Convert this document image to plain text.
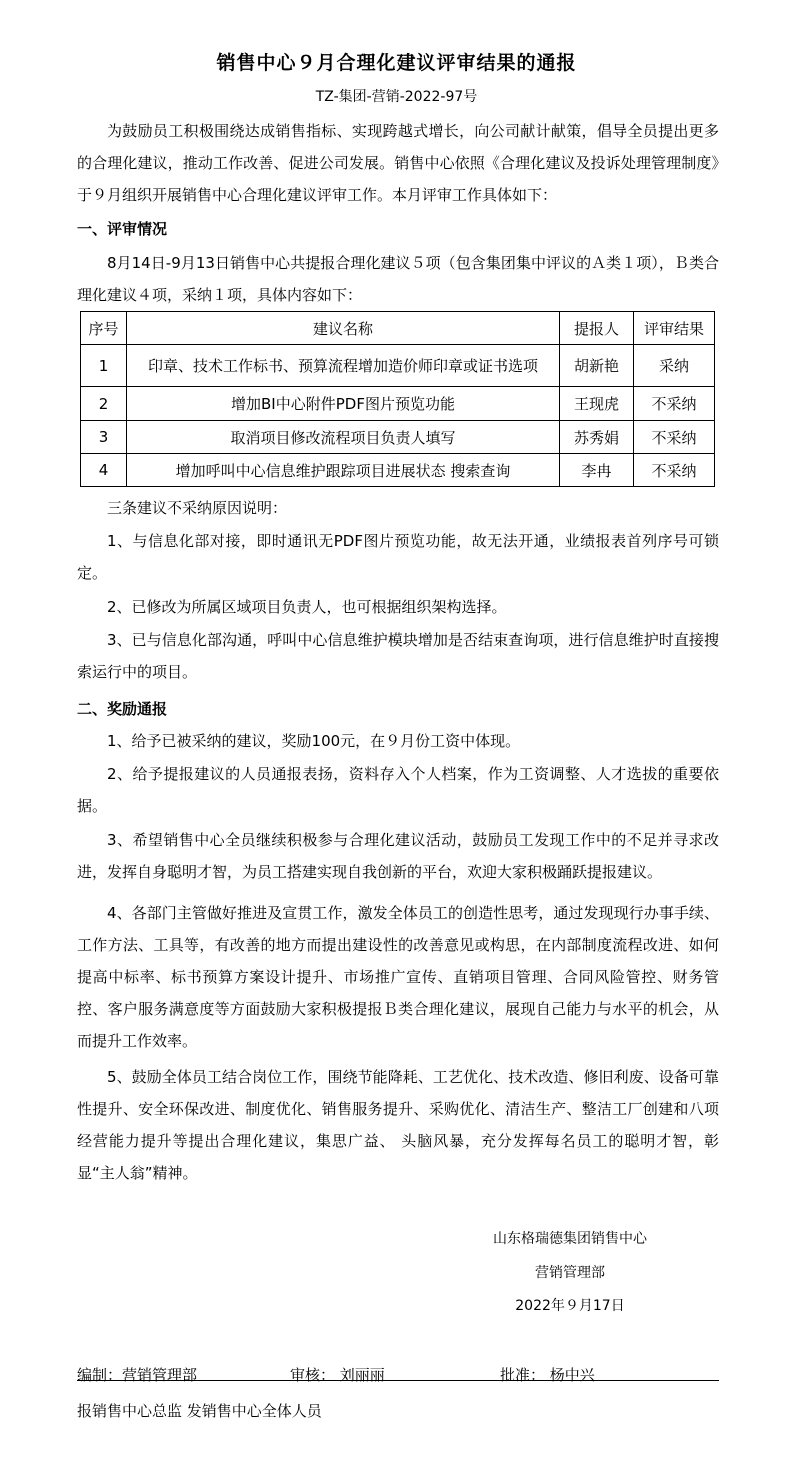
销售中心９月合理化建议评审结果的通报
TZ-集团-营销-2022-97号
为鼓励员工积极围绕达成销售指标、实现跨越式增长，向公司献计献策，倡导全员提出更多的合理化建议，推动工作改善、促进公司发展。销售中心依照《合理化建议及投诉处理管理制度》于９月组织开展销售中心合理化建议评审工作。本月评审工作具体如下：
一、评审情况
8月14日-9月13日销售中心共提报合理化建议５项（包含集团集中评议的Ａ类１项），Ｂ类合理化建议４项，采纳１项，具体内容如下：
序号	建议名称	提报人	评审结果
1	印章、技术工作标书、预算流程增加造价师印章或证书选项	胡新艳	采纳
2	增加BI中心附件PDF图片预览功能	王现虎	不采纳
3	取消项目修改流程项目负责人填写	苏秀娟	不采纳
4	增加呼叫中心信息维护跟踪项目进展状态 搜索查询	李冉	不采纳
三条建议不采纳原因说明：
1、与信息化部对接，即时通讯无PDF图片预览功能，故无法开通，业绩报表首列序号可锁定。
2、已修改为所属区域项目负责人，也可根据组织架构选择。
3、已与信息化部沟通，呼叫中心信息维护模块增加是否结束查询项，进行信息维护时直接搜索运行中的项目。
二、奖励通报
1、给予已被采纳的建议，奖励100元，在９月份工资中体现。
2、给予提报建议的人员通报表扬，资料存入个人档案，作为工资调整、人才选拔的重要依据。
3、希望销售中心全员继续积极参与合理化建议活动，鼓励员工发现工作中的不足并寻求改进，发挥自身聪明才智，为员工搭建实现自我创新的平台，欢迎大家积极踊跃提报建议。
4、各部门主管做好推进及宣贯工作，激发全体员工的创造性思考，通过发现现行办事手续、工作方法、工具等，有改善的地方而提出建设性的改善意见或构思，在内部制度流程改进、如何提高中标率、标书预算方案设计提升、市场推广宣传、直销项目管理、合同风险管控、财务管控、客户服务满意度等方面鼓励大家积极提报Ｂ类合理化建议，展现自己能力与水平的机会，从而提升工作效率。
5、鼓励全体员工结合岗位工作，围绕节能降耗、工艺优化、技术改造、修旧利废、设备可靠性提升、安全环保改进、制度优化、销售服务提升、采购优化、清洁生产、整洁工厂创建和八项经营能力提升等提出合理化建议，集思广益、 头脑风暴，充分发挥每名员工的聪明才智，彰显“主人翁”精神。
山东格瑞德集团销售中心
营销管理部
2022年９月17日
编制：营销管理部	审核： 刘丽丽	批准： 杨中兴
报销售中心总监 发销售中心全体人员
